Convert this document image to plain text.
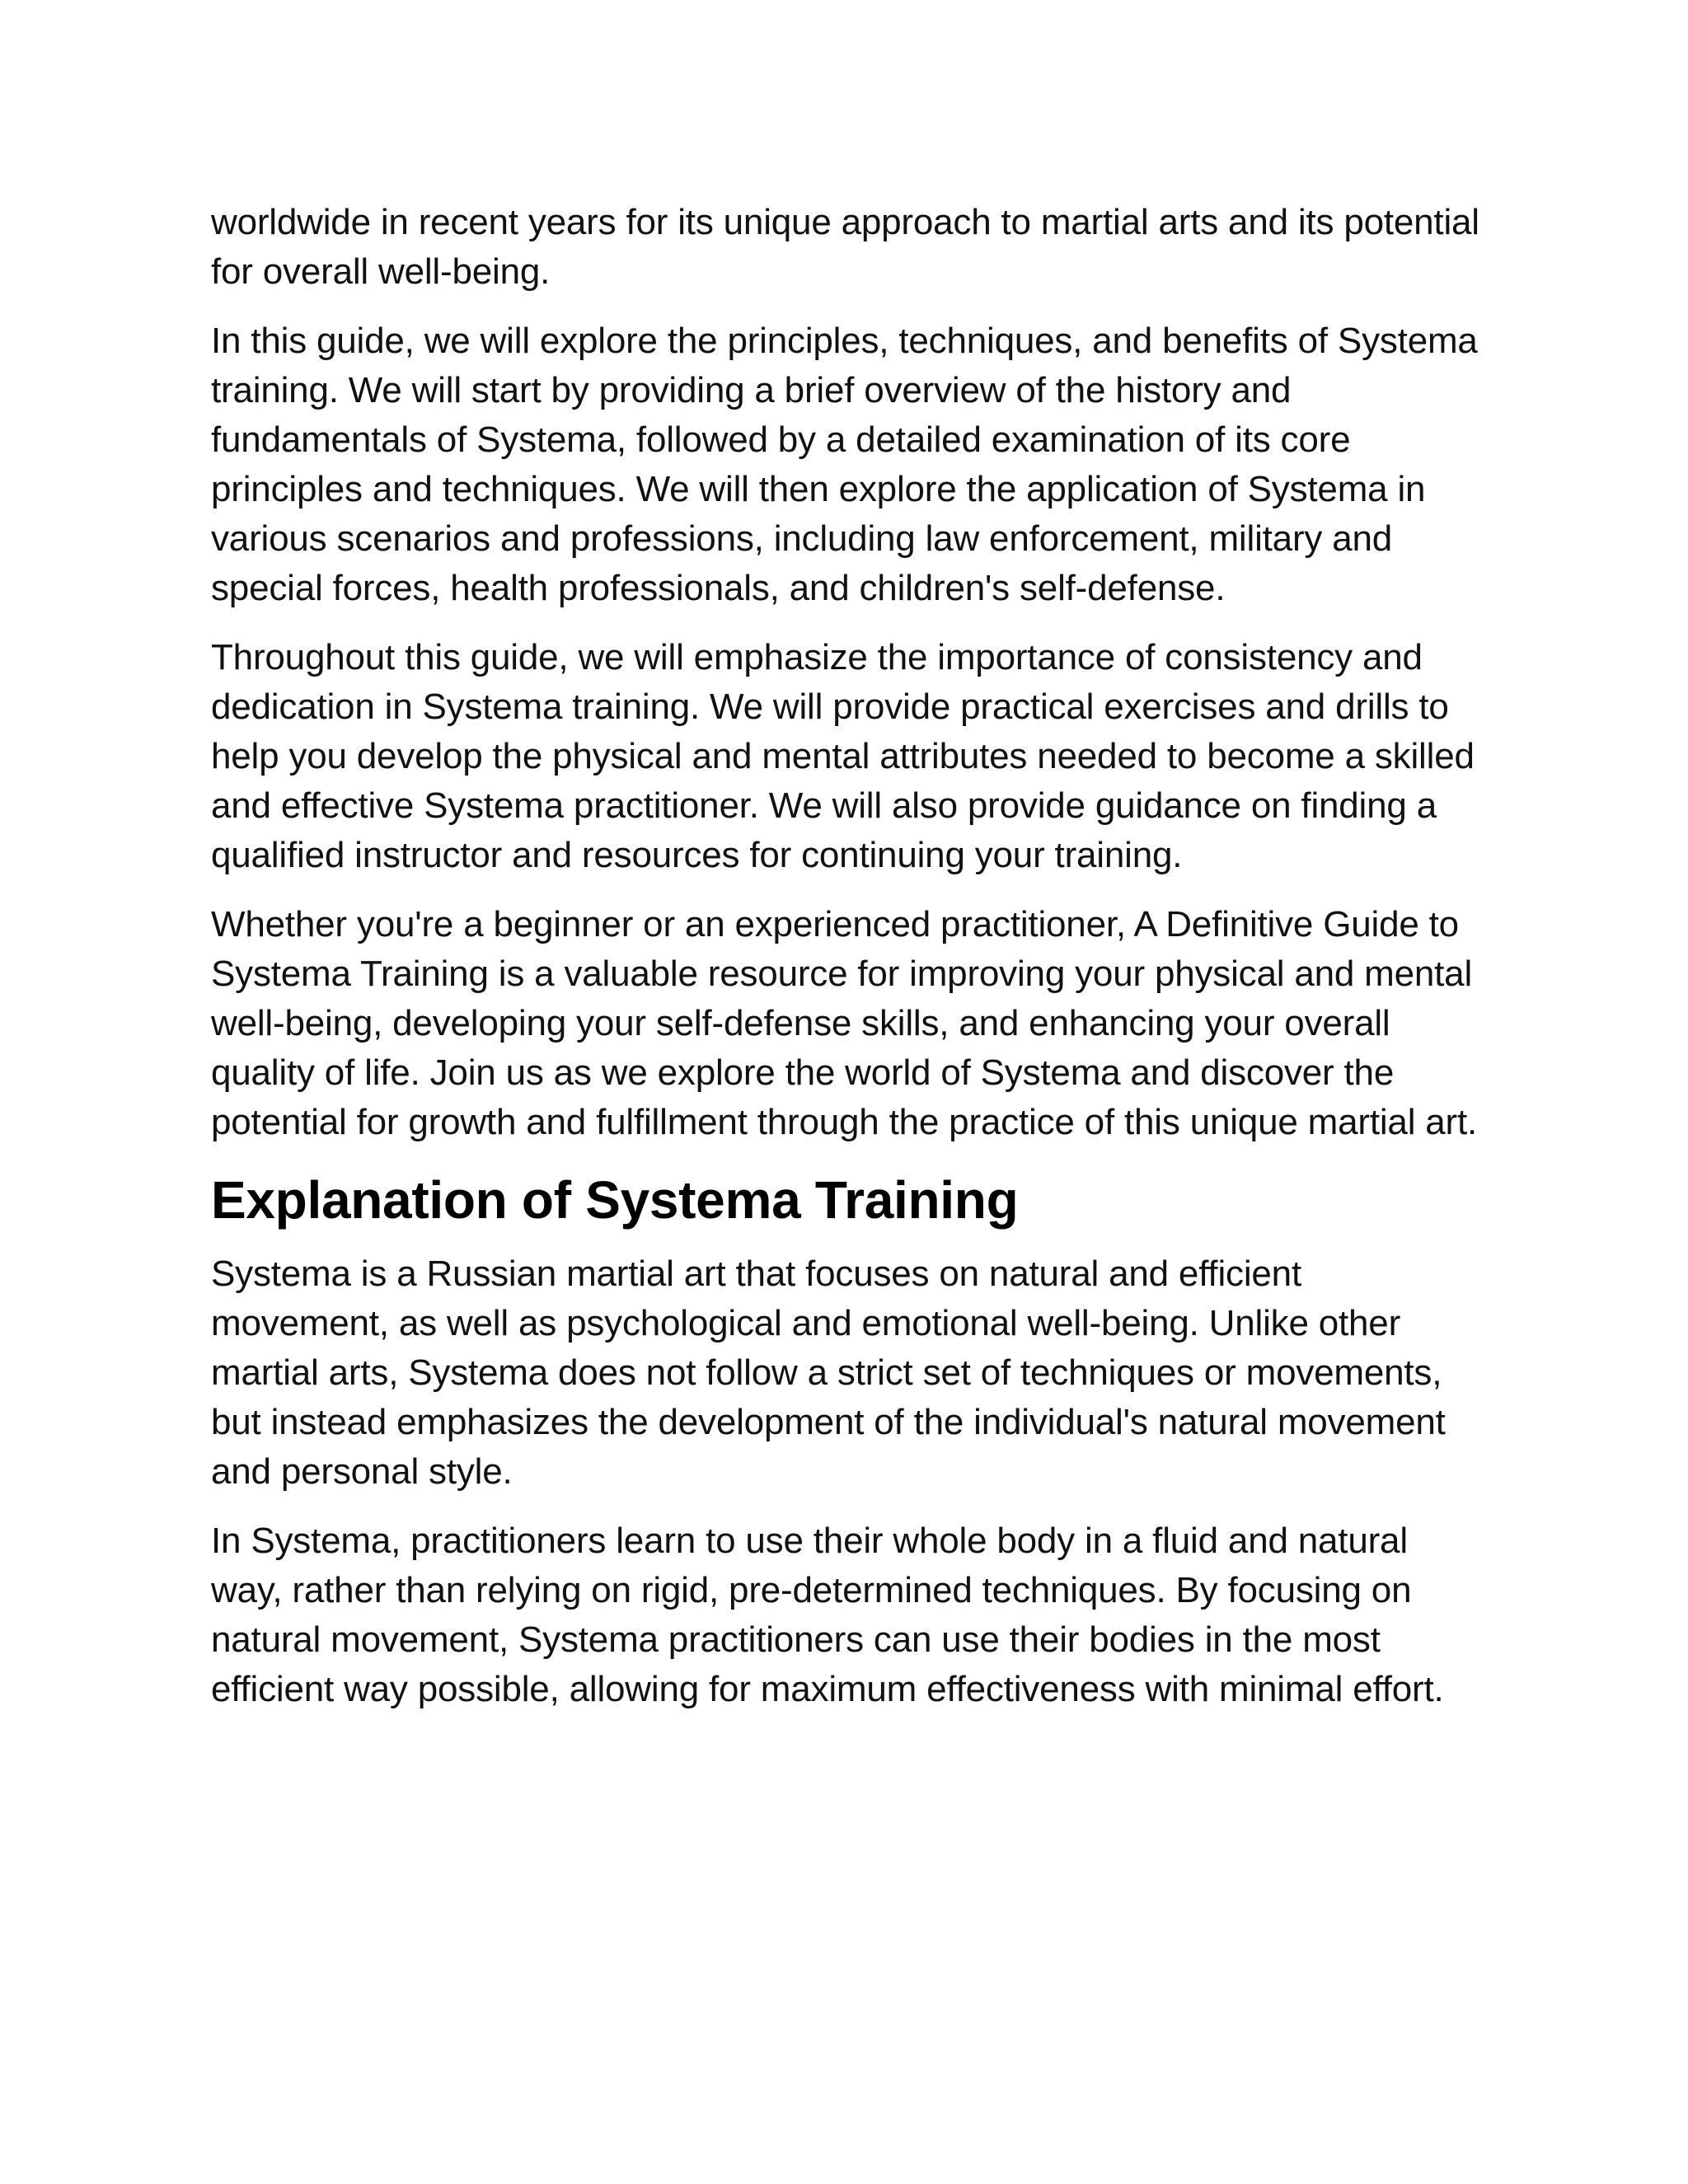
worldwide in recent years for its unique approach to martial arts and its potential for overall well-being.

In this guide, we will explore the principles, techniques, and benefits of Systema training. We will start by providing a brief overview of the history and fundamentals of Systema, followed by a detailed examination of its core principles and techniques. We will then explore the application of Systema in various scenarios and professions, including law enforcement, military and special forces, health professionals, and children's self-defense.

Throughout this guide, we will emphasize the importance of consistency and dedication in Systema training. We will provide practical exercises and drills to help you develop the physical and mental attributes needed to become a skilled and effective Systema practitioner. We will also provide guidance on finding a qualified instructor and resources for continuing your training.

Whether you're a beginner or an experienced practitioner, A Definitive Guide to Systema Training is a valuable resource for improving your physical and mental well-being, developing your self-defense skills, and enhancing your overall quality of life. Join us as we explore the world of Systema and discover the potential for growth and fulfillment through the practice of this unique martial art.

Explanation of Systema Training

Systema is a Russian martial art that focuses on natural and efficient movement, as well as psychological and emotional well-being. Unlike other martial arts, Systema does not follow a strict set of techniques or movements, but instead emphasizes the development of the individual's natural movement and personal style.

In Systema, practitioners learn to use their whole body in a fluid and natural way, rather than relying on rigid, pre-determined techniques. By focusing on natural movement, Systema practitioners can use their bodies in the most efficient way possible, allowing for maximum effectiveness with minimal effort.
